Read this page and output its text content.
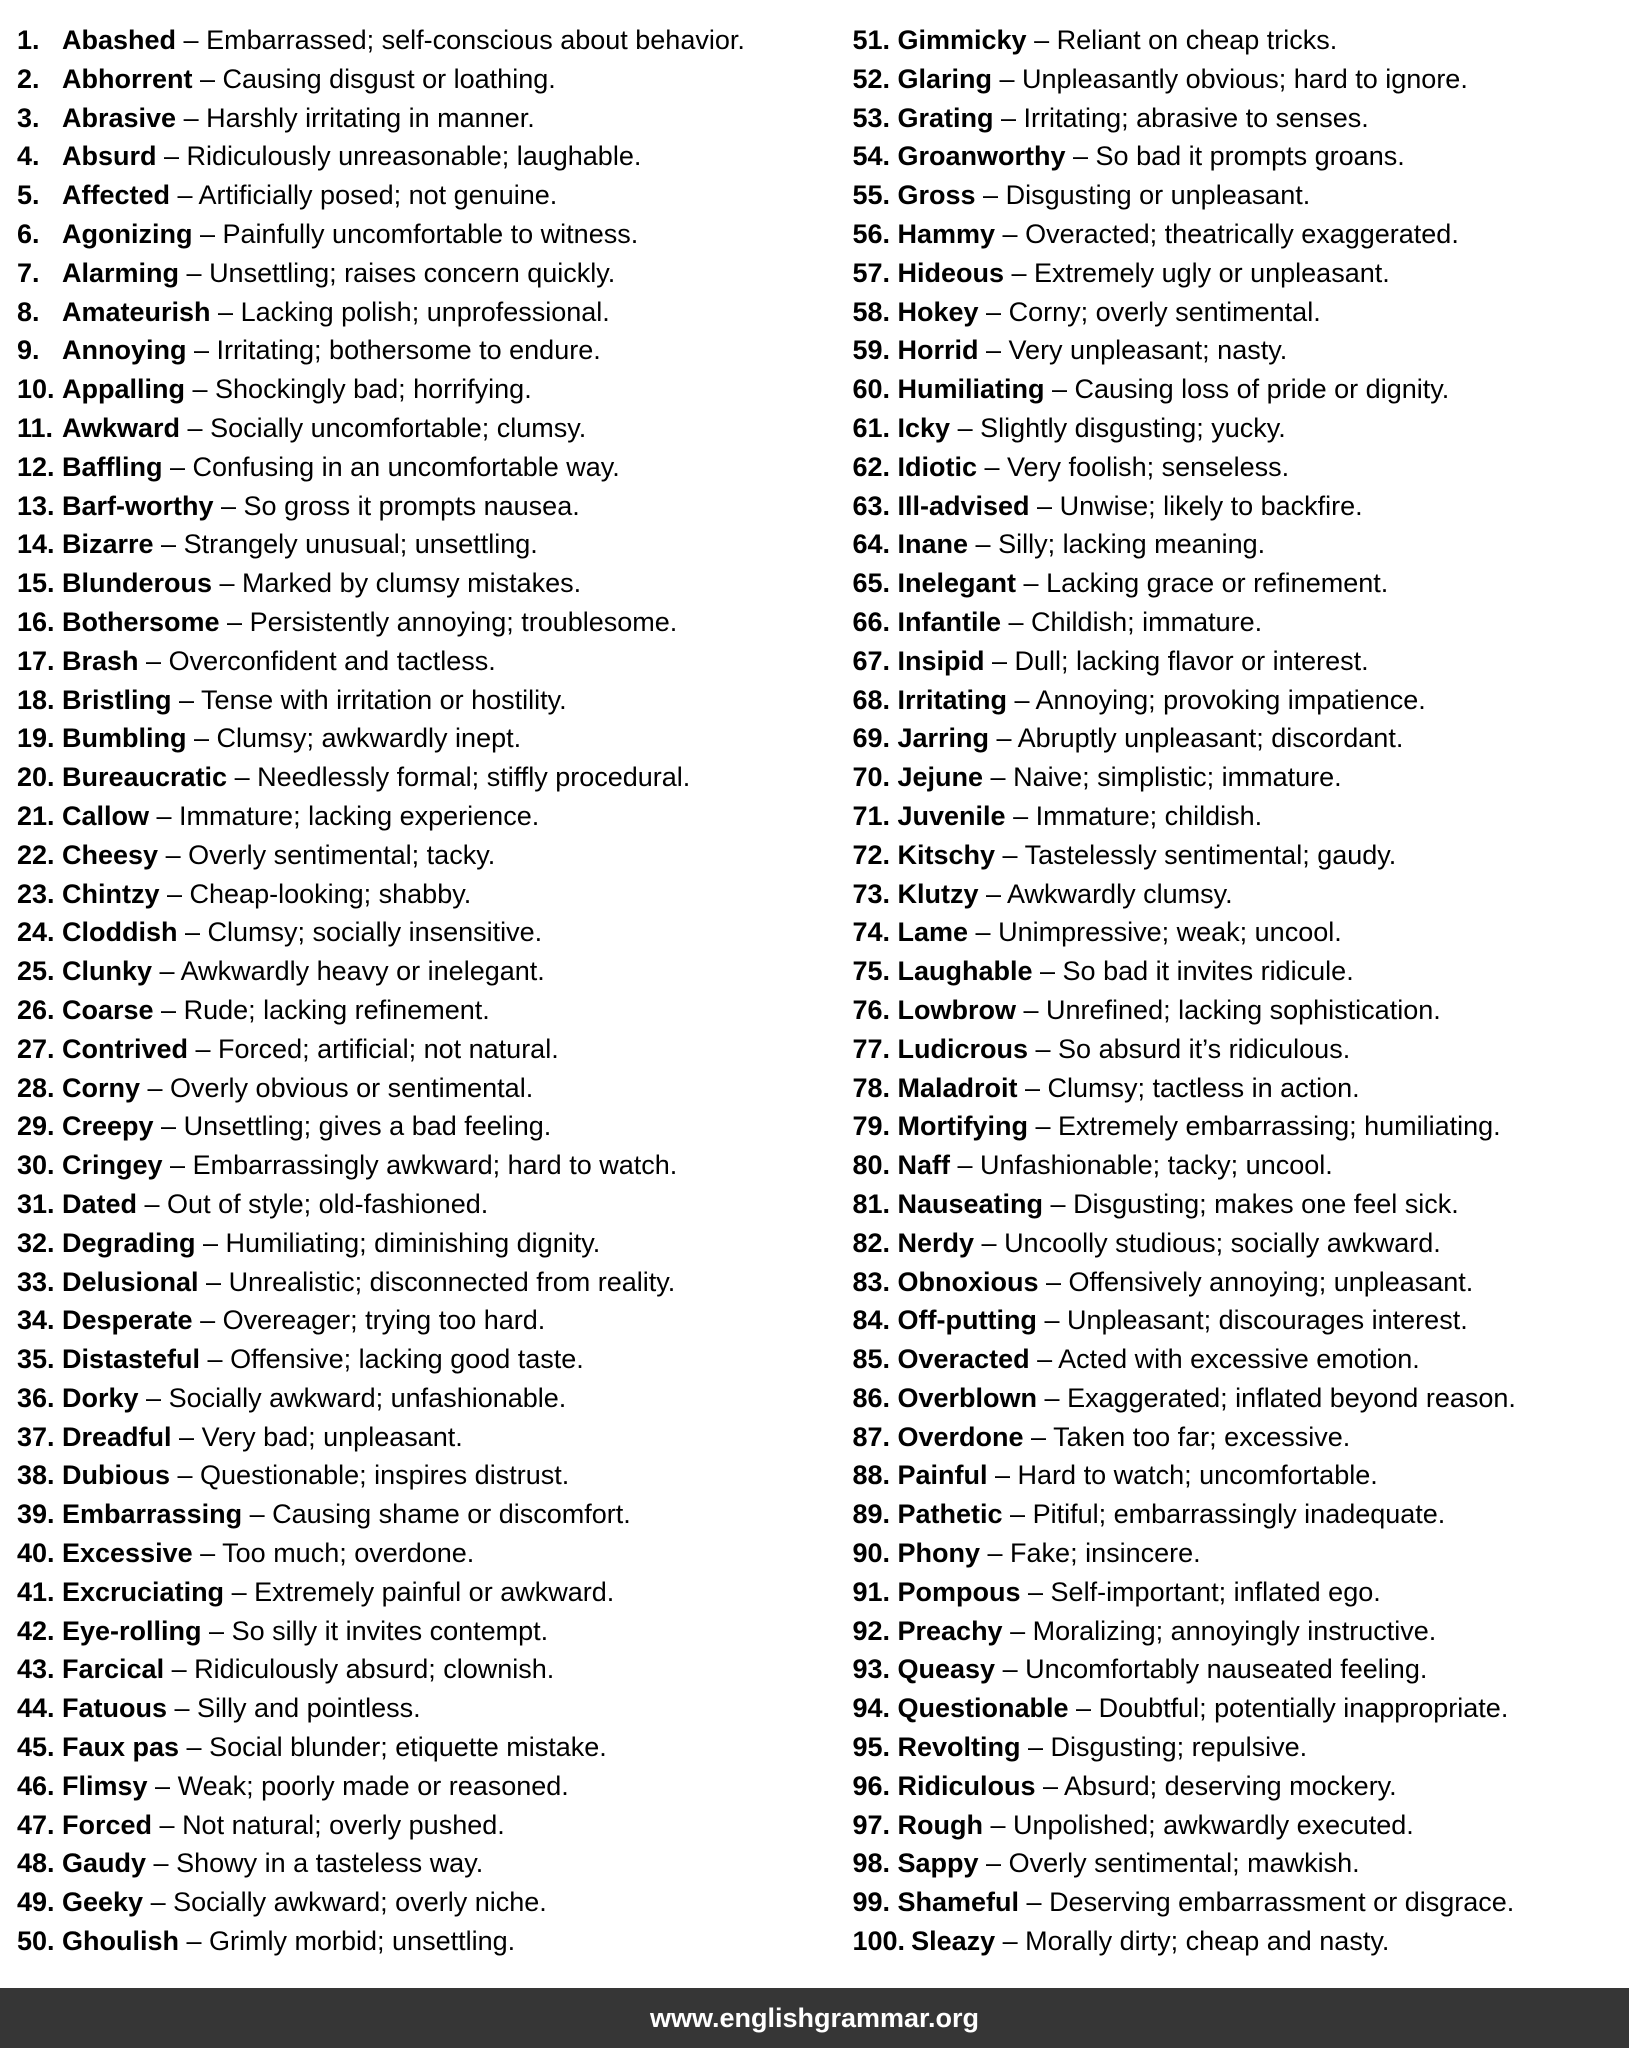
1. Abashed – Embarrassed; self-conscious about behavior.
2. Abhorrent – Causing disgust or loathing.
3. Abrasive – Harshly irritating in manner.
4. Absurd – Ridiculously unreasonable; laughable.
5. Affected – Artificially posed; not genuine.
6. Agonizing – Painfully uncomfortable to witness.
7. Alarming – Unsettling; raises concern quickly.
8. Amateurish – Lacking polish; unprofessional.
9. Annoying – Irritating; bothersome to endure.
10. Appalling – Shockingly bad; horrifying.
11. Awkward – Socially uncomfortable; clumsy.
12. Baffling – Confusing in an uncomfortable way.
13. Barf-worthy – So gross it prompts nausea.
14. Bizarre – Strangely unusual; unsettling.
15. Blunderous – Marked by clumsy mistakes.
16. Bothersome – Persistently annoying; troublesome.
17. Brash – Overconfident and tactless.
18. Bristling – Tense with irritation or hostility.
19. Bumbling – Clumsy; awkwardly inept.
20. Bureaucratic – Needlessly formal; stiffly procedural.
21. Callow – Immature; lacking experience.
22. Cheesy – Overly sentimental; tacky.
23. Chintzy – Cheap-looking; shabby.
24. Cloddish – Clumsy; socially insensitive.
25. Clunky – Awkwardly heavy or inelegant.
26. Coarse – Rude; lacking refinement.
27. Contrived – Forced; artificial; not natural.
28. Corny – Overly obvious or sentimental.
29. Creepy – Unsettling; gives a bad feeling.
30. Cringey – Embarrassingly awkward; hard to watch.
31. Dated – Out of style; old-fashioned.
32. Degrading – Humiliating; diminishing dignity.
33. Delusional – Unrealistic; disconnected from reality.
34. Desperate – Overeager; trying too hard.
35. Distasteful – Offensive; lacking good taste.
36. Dorky – Socially awkward; unfashionable.
37. Dreadful – Very bad; unpleasant.
38. Dubious – Questionable; inspires distrust.
39. Embarrassing – Causing shame or discomfort.
40. Excessive – Too much; overdone.
41. Excruciating – Extremely painful or awkward.
42. Eye-rolling – So silly it invites contempt.
43. Farcical – Ridiculously absurd; clownish.
44. Fatuous – Silly and pointless.
45. Faux pas – Social blunder; etiquette mistake.
46. Flimsy – Weak; poorly made or reasoned.
47. Forced – Not natural; overly pushed.
48. Gaudy – Showy in a tasteless way.
49. Geeky – Socially awkward; overly niche.
50. Ghoulish – Grimly morbid; unsettling.
51. Gimmicky – Reliant on cheap tricks.
52. Glaring – Unpleasantly obvious; hard to ignore.
53. Grating – Irritating; abrasive to senses.
54. Groanworthy – So bad it prompts groans.
55. Gross – Disgusting or unpleasant.
56. Hammy – Overacted; theatrically exaggerated.
57. Hideous – Extremely ugly or unpleasant.
58. Hokey – Corny; overly sentimental.
59. Horrid – Very unpleasant; nasty.
60. Humiliating – Causing loss of pride or dignity.
61. Icky – Slightly disgusting; yucky.
62. Idiotic – Very foolish; senseless.
63. Ill-advised – Unwise; likely to backfire.
64. Inane – Silly; lacking meaning.
65. Inelegant – Lacking grace or refinement.
66. Infantile – Childish; immature.
67. Insipid – Dull; lacking flavor or interest.
68. Irritating – Annoying; provoking impatience.
69. Jarring – Abruptly unpleasant; discordant.
70. Jejune – Naive; simplistic; immature.
71. Juvenile – Immature; childish.
72. Kitschy – Tastelessly sentimental; gaudy.
73. Klutzy – Awkwardly clumsy.
74. Lame – Unimpressive; weak; uncool.
75. Laughable – So bad it invites ridicule.
76. Lowbrow – Unrefined; lacking sophistication.
77. Ludicrous – So absurd it’s ridiculous.
78. Maladroit – Clumsy; tactless in action.
79. Mortifying – Extremely embarrassing; humiliating.
80. Naff – Unfashionable; tacky; uncool.
81. Nauseating – Disgusting; makes one feel sick.
82. Nerdy – Uncoolly studious; socially awkward.
83. Obnoxious – Offensively annoying; unpleasant.
84. Off-putting – Unpleasant; discourages interest.
85. Overacted – Acted with excessive emotion.
86. Overblown – Exaggerated; inflated beyond reason.
87. Overdone – Taken too far; excessive.
88. Painful – Hard to watch; uncomfortable.
89. Pathetic – Pitiful; embarrassingly inadequate.
90. Phony – Fake; insincere.
91. Pompous – Self-important; inflated ego.
92. Preachy – Moralizing; annoyingly instructive.
93. Queasy – Uncomfortably nauseated feeling.
94. Questionable – Doubtful; potentially inappropriate.
95. Revolting – Disgusting; repulsive.
96. Ridiculous – Absurd; deserving mockery.
97. Rough – Unpolished; awkwardly executed.
98. Sappy – Overly sentimental; mawkish.
99. Shameful – Deserving embarrassment or disgrace.
100. Sleazy – Morally dirty; cheap and nasty.
www.englishgrammar.org
